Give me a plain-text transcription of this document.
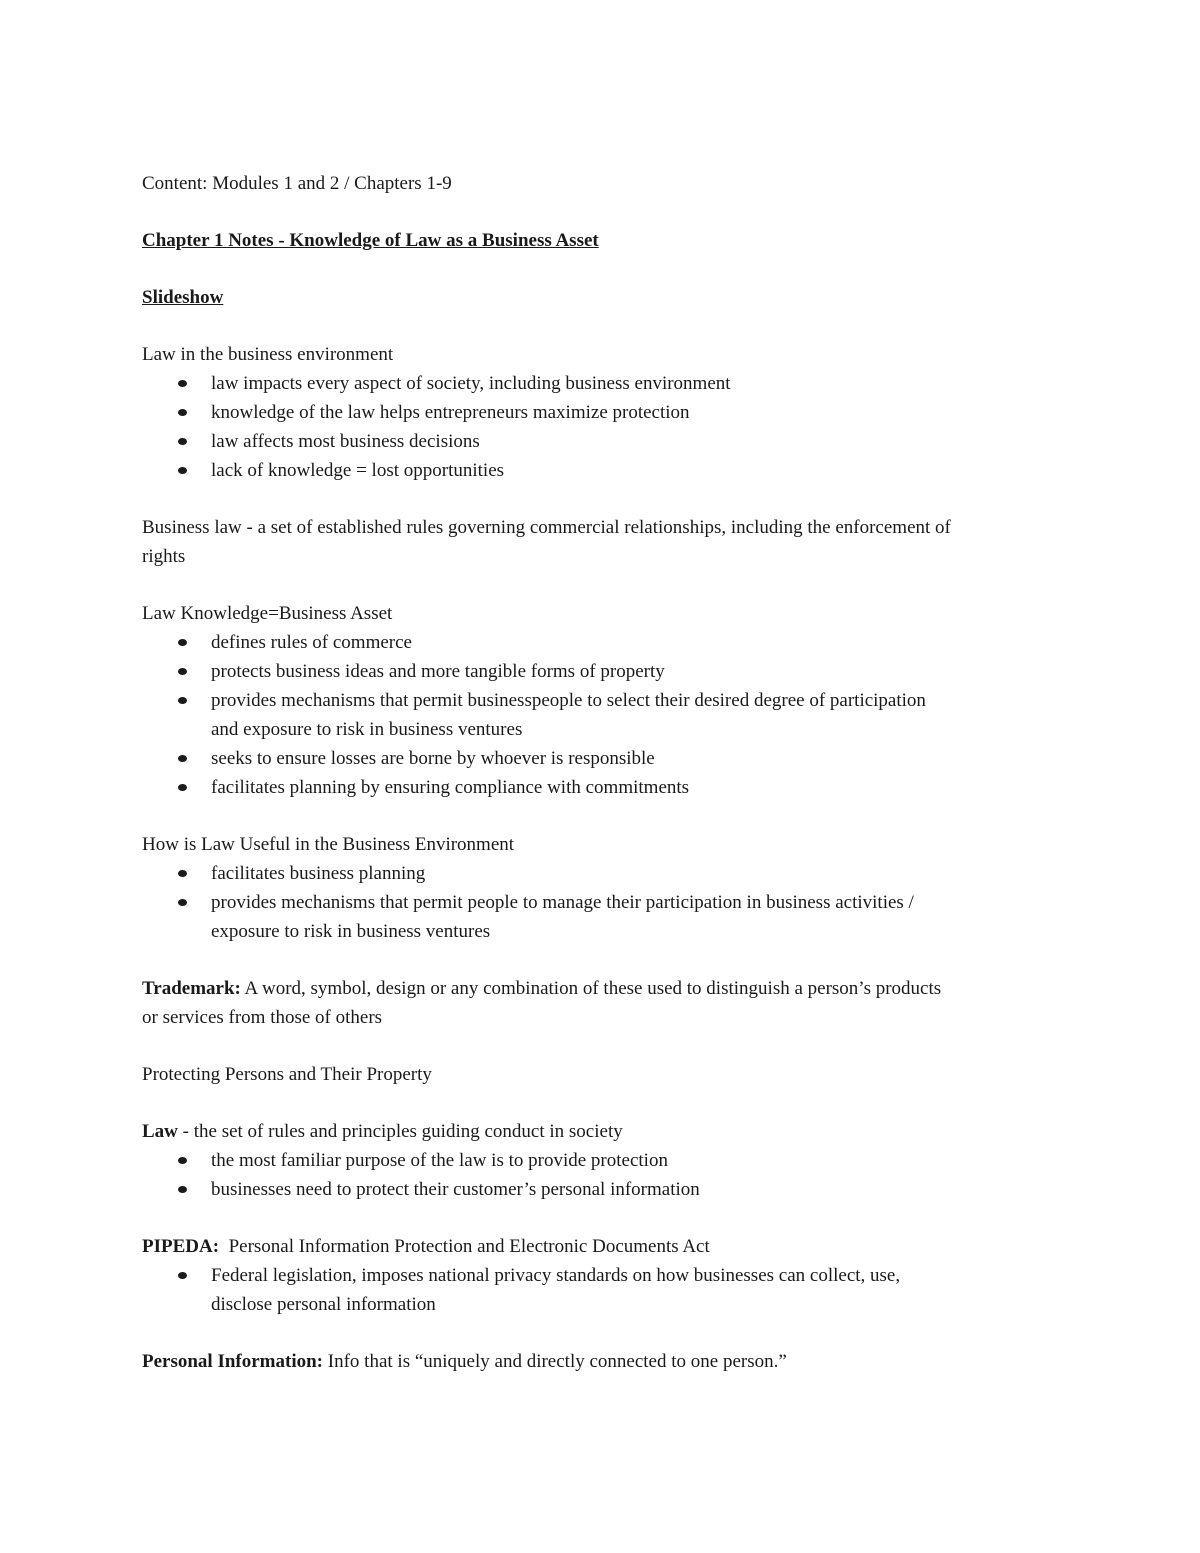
Content: Modules 1 and 2 / Chapters 1-9

Chapter 1 Notes - Knowledge of Law as a Business Asset

Slideshow

Law in the business environment

law impacts every aspect of society, including business environment
knowledge of the law helps entrepreneurs maximize protection
law affects most business decisions
lack of knowledge = lost opportunities

Business law - a set of established rules governing commercial relationships, including the enforcement of
rights

Law Knowledge=Business Asset

defines rules of commerce
protects business ideas and more tangible forms of property
provides mechanisms that permit businesspeople to select their desired degree of participation
and exposure to risk in business ventures
seeks to ensure losses are borne by whoever is responsible
facilitates planning by ensuring compliance with commitments

How is Law Useful in the Business Environment

facilitates business planning
provides mechanisms that permit people to manage their participation in business activities /
exposure to risk in business ventures

Trademark: A word, symbol, design or any combination of these used to distinguish a person’s products
or services from those of others

Protecting Persons and Their Property

Law - the set of rules and principles guiding conduct in society

the most familiar purpose of the law is to provide protection
businesses need to protect their customer’s personal information

PIPEDA:  Personal Information Protection and Electronic Documents Act

Federal legislation, imposes national privacy standards on how businesses can collect, use,
disclose personal information

Personal Information: Info that is “uniquely and directly connected to one person.”
